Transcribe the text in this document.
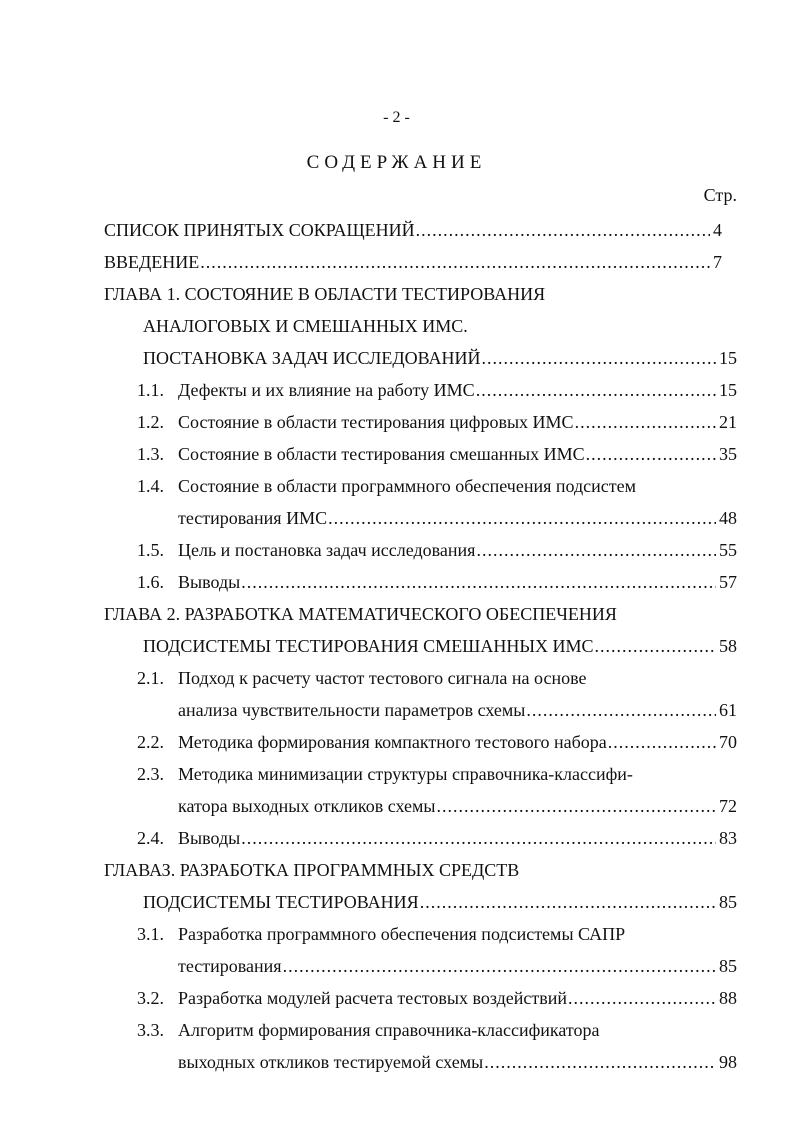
- 2 -
СОДЕРЖАНИЕ
Стр.
СПИСОК ПРИНЯТЫХ СОКРАЩЕНИЙ .....	4
ВВЕДЕНИЕ .....	7
ГЛАВА 1. СОСТОЯНИЕ В ОБЛАСТИ ТЕСТИРОВАНИЯ
АНАЛОГОВЫХ И СМЕШАННЫХ ИМС.
ПОСТАНОВКА ЗАДАЧ ИССЛЕДОВАНИЙ .....	15
1.1. Дефекты и их влияние на работу ИМС .....	15
1.2. Состояние в области тестирования цифровых ИМС .....	21
1.3. Состояние в области тестирования смешанных ИМС .....	35
1.4. Состояние в области программного обеспечения подсистем
тестирования ИМС .....	48
1.5. Цель и постановка задач исследования .....	55
1.6. Выводы .....	57
ГЛАВА 2. РАЗРАБОТКА МАТЕМАТИЧЕСКОГО ОБЕСПЕЧЕНИЯ
ПОДСИСТЕМЫ ТЕСТИРОВАНИЯ СМЕШАННЫХ ИМС .....	58
2.1. Подход к расчету частот тестового сигнала на основе
анализа чувствительности параметров схемы .....	61
2.2. Методика формирования компактного тестового набора .....	70
2.3. Методика минимизации структуры справочника-классифи-
катора выходных откликов схемы .....	72
2.4. Выводы .....	83
ГЛАВАЗ. РАЗРАБОТКА ПРОГРАММНЫХ СРЕДСТВ
ПОДСИСТЕМЫ ТЕСТИРОВАНИЯ .....	85
3.1. Разработка программного обеспечения подсистемы САПР
тестирования .....	85
3.2. Разработка модулей расчета тестовых воздействий .....	88
3.3. Алгоритм формирования справочника-классификатора
выходных откликов тестируемой схемы .....	98
